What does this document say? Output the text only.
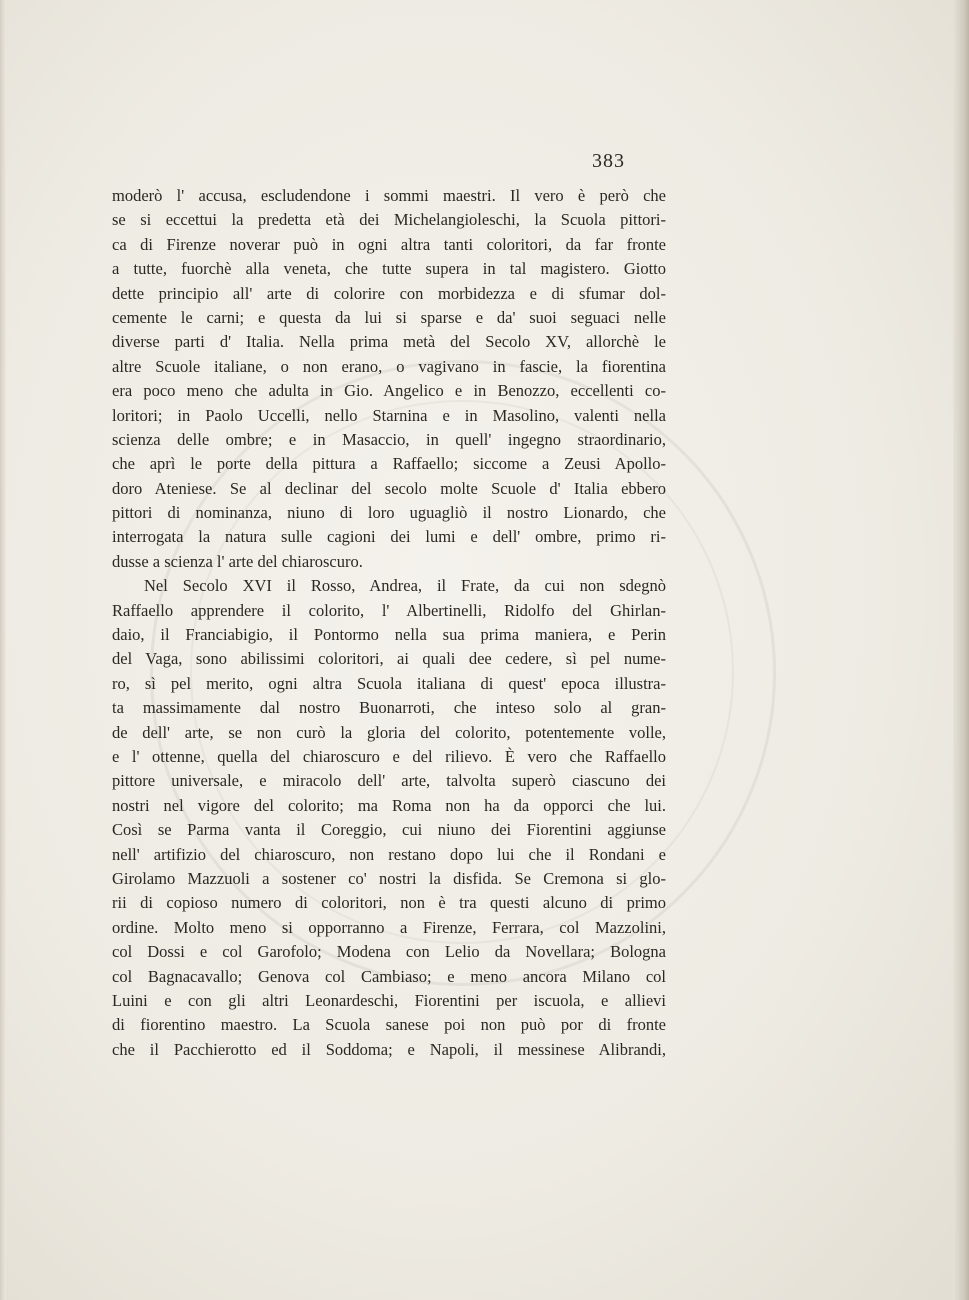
383
moderò l' accusa, escludendone i sommi maestri. Il vero è però che
se si eccettui la predetta età dei Michelangioleschi, la Scuola pittori-
ca di Firenze noverar può in ogni altra tanti coloritori, da far fronte
a tutte, fuorchè alla veneta, che tutte supera in tal magistero. Giotto
dette principio all' arte di colorire con morbidezza e di sfumar dol-
cemente le carni; e questa da lui si sparse e da' suoi seguaci nelle
diverse parti d' Italia. Nella prima metà del Secolo XV, allorchè le
altre Scuole italiane, o non erano, o vagivano in fascie, la fiorentina
era poco meno che adulta in Gio. Angelico e in Benozzo, eccellenti co-
loritori; in Paolo Uccelli, nello Starnina e in Masolino, valenti nella
scienza delle ombre; e in Masaccio, in quell' ingegno straordinario,
che aprì le porte della pittura a Raffaello; siccome a Zeusi Apollo-
doro Ateniese. Se al declinar del secolo molte Scuole d' Italia ebbero
pittori di nominanza, niuno di loro uguagliò il nostro Lionardo, che
interrogata la natura sulle cagioni dei lumi e dell' ombre, primo ri-
dusse a scienza l' arte del chiaroscuro.
Nel Secolo XVI il Rosso, Andrea, il Frate, da cui non sdegnò
Raffaello apprendere il colorito, l' Albertinelli, Ridolfo del Ghirlan-
daio, il Franciabigio, il Pontormo nella sua prima maniera, e Perin
del Vaga, sono abilissimi coloritori, ai quali dee cedere, sì pel nume-
ro, sì pel merito, ogni altra Scuola italiana di quest' epoca illustra-
ta massimamente dal nostro Buonarroti, che inteso solo al gran-
de dell' arte, se non curò la gloria del colorito, potentemente volle,
e l' ottenne, quella del chiaroscuro e del rilievo. È vero che Raffaello
pittore universale, e miracolo dell' arte, talvolta superò ciascuno dei
nostri nel vigore del colorito; ma Roma non ha da opporci che lui.
Così se Parma vanta il Coreggio, cui niuno dei Fiorentini aggiunse
nell' artifizio del chiaroscuro, non restano dopo lui che il Rondani e
Girolamo Mazzuoli a sostener co' nostri la disfida. Se Cremona si glo-
rii di copioso numero di coloritori, non è tra questi alcuno di primo
ordine. Molto meno si opporranno a Firenze, Ferrara, col Mazzolini,
col Dossi e col Garofolo; Modena con Lelio da Novellara; Bologna
col Bagnacavallo; Genova col Cambiaso; e meno ancora Milano col
Luini e con gli altri Leonardeschi, Fiorentini per iscuola, e allievi
di fiorentino maestro. La Scuola sanese poi non può por di fronte
che il Pacchierotto ed il Soddoma; e Napoli, il messinese Alibrandi,
